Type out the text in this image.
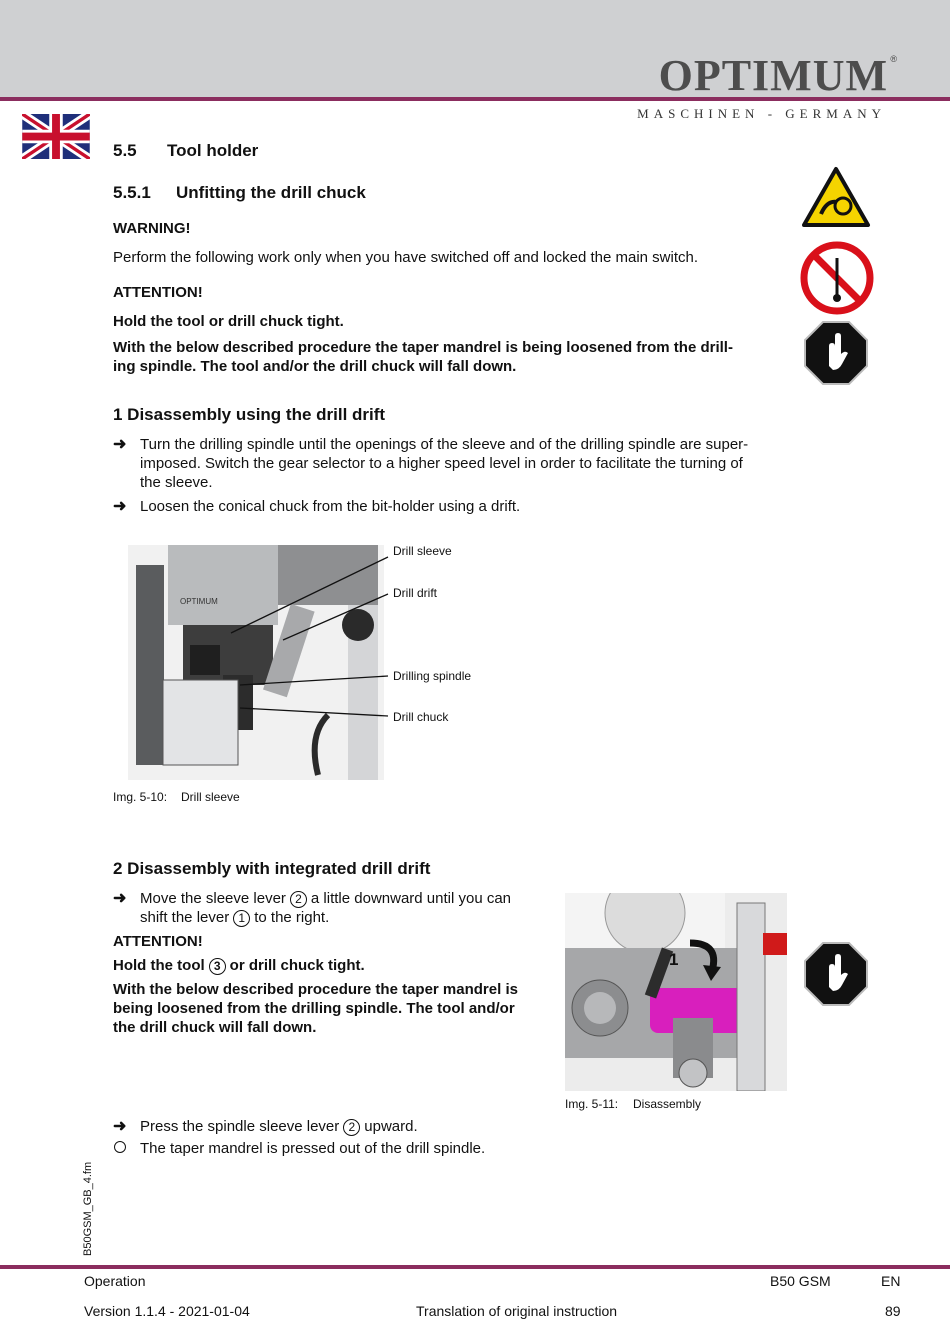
OPTIMUM ®
MASCHINEN - GERMANY
5.5 Tool holder
5.5.1 Unfitting the drill chuck
WARNING!
Perform the following work only when you have switched off and locked the main switch.
ATTENTION!
Hold the tool or drill chuck tight.
With the below described procedure the taper mandrel is being loosened from the drill-
ing spindle. The tool and/or the drill chuck will fall down.
1 Disassembly using the drill drift
➜ Turn the drilling spindle until the openings of the sleeve and of the drilling spindle are super-
imposed. Switch the gear selector to a higher speed level in order to facilitate the turning of
the sleeve.
➜ Loosen the conical chuck from the bit-holder using a drift.
OPTIMUM
Drill sleeve
Drill drift
Drilling spindle
Drill chuck
Img. 5-10: Drill sleeve
2 Disassembly with integrated drill drift
➜ Move the sleeve lever 2 a little downward until you can
shift the lever 1 to the right.
ATTENTION!
Hold the tool 3 or drill chuck tight.
With the below described procedure the taper mandrel is
being loosened from the drilling spindle. The tool and/or
the drill chuck will fall down.
1
Img. 5-11: Disassembly
➜ Press the spindle sleeve lever 2 upward.
The taper mandrel is pressed out of the drill spindle.
B50GSM_GB_4.fm
Operation	B50 GSM	EN
Version 1.1.4 - 2021-01-04	Translation of original instruction	89
